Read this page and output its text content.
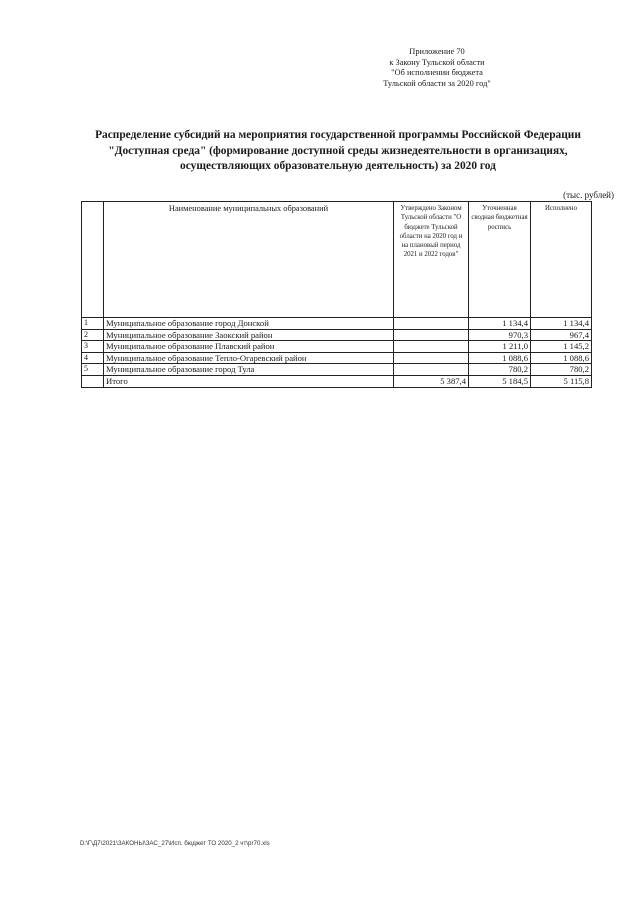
Приложение 70
к Закону Тульской области
"Об исполнении бюджета
Тульской области за 2020 год"
Распределение субсидий на мероприятия государственной программы Российской Федерации
"Доступная среда" (формирование доступной среды жизнедеятельности в организациях,
осуществляющих образовательную деятельность) за 2020 год
(тыс. рублей)
	Наименование муниципальных образований	Утверждено Законом Тульской области "О бюджете Тульской области на 2020 год и на плановый период 2021 и 2022 годов"	Уточненная сводная бюджетная роспись	Исполнено
1	Муниципальное образование город Донской		1 134,4	1 134,4
2	Муниципальное образование Заокский район		970,3	967,4
3	Муниципальное образование Плавский район		1 211,0	1 145,2
4	Муниципальное образование Тепло-Огаревский район		1 088,6	1 088,6
5	Муниципальное образование город Тула		780,2	780,2
	Итого	5 387,4	5 184,5	5 115,8
D:\Г\Д7\2021\ЗАКОНЫ\ЗАС_27\Исп. бюджет ТО 2020_2 чт\pr70.xls
